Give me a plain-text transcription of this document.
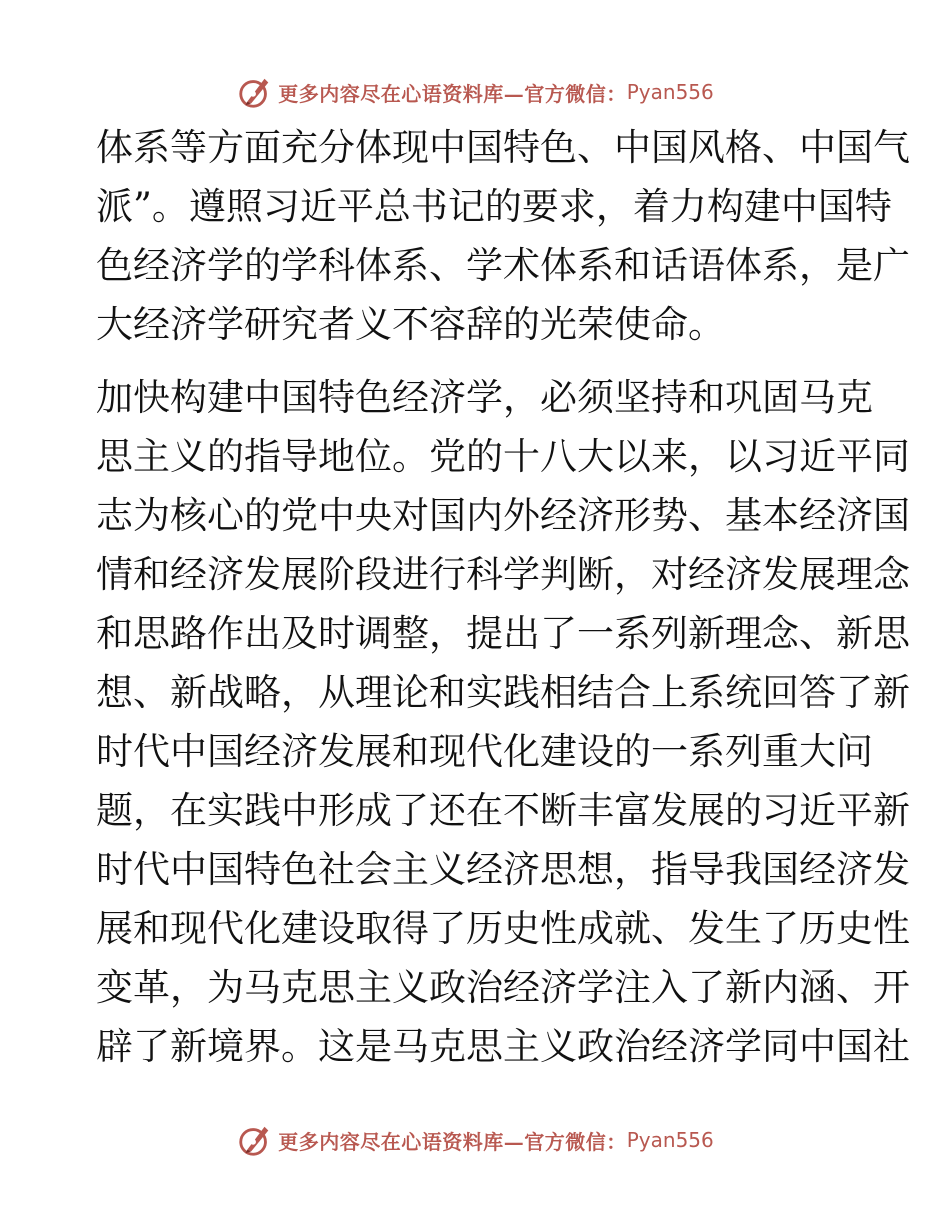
更多内容尽在心语资料库—官方微信： Pyan556
体系等方面充分体现中国特色、中国风格、中国气
派”。遵照习近平总书记的要求，着力构建中国特
色经济学的学科体系、学术体系和话语体系，是广
大经济学研究者义不容辞的光荣使命。
加快构建中国特色经济学，必须坚持和巩固马克
思主义的指导地位。党的十八大以来，以习近平同
志为核心的党中央对国内外经济形势、基本经济国
情和经济发展阶段进行科学判断，对经济发展理念
和思路作出及时调整，提出了一系列新理念、新思
想、新战略，从理论和实践相结合上系统回答了新
时代中国经济发展和现代化建设的一系列重大问
题，在实践中形成了还在不断丰富发展的习近平新
时代中国特色社会主义经济思想，指导我国经济发
展和现代化建设取得了历史性成就、发生了历史性
变革，为马克思主义政治经济学注入了新内涵、开
辟了新境界。这是马克思主义政治经济学同中国社
更多内容尽在心语资料库—官方微信： Pyan556
